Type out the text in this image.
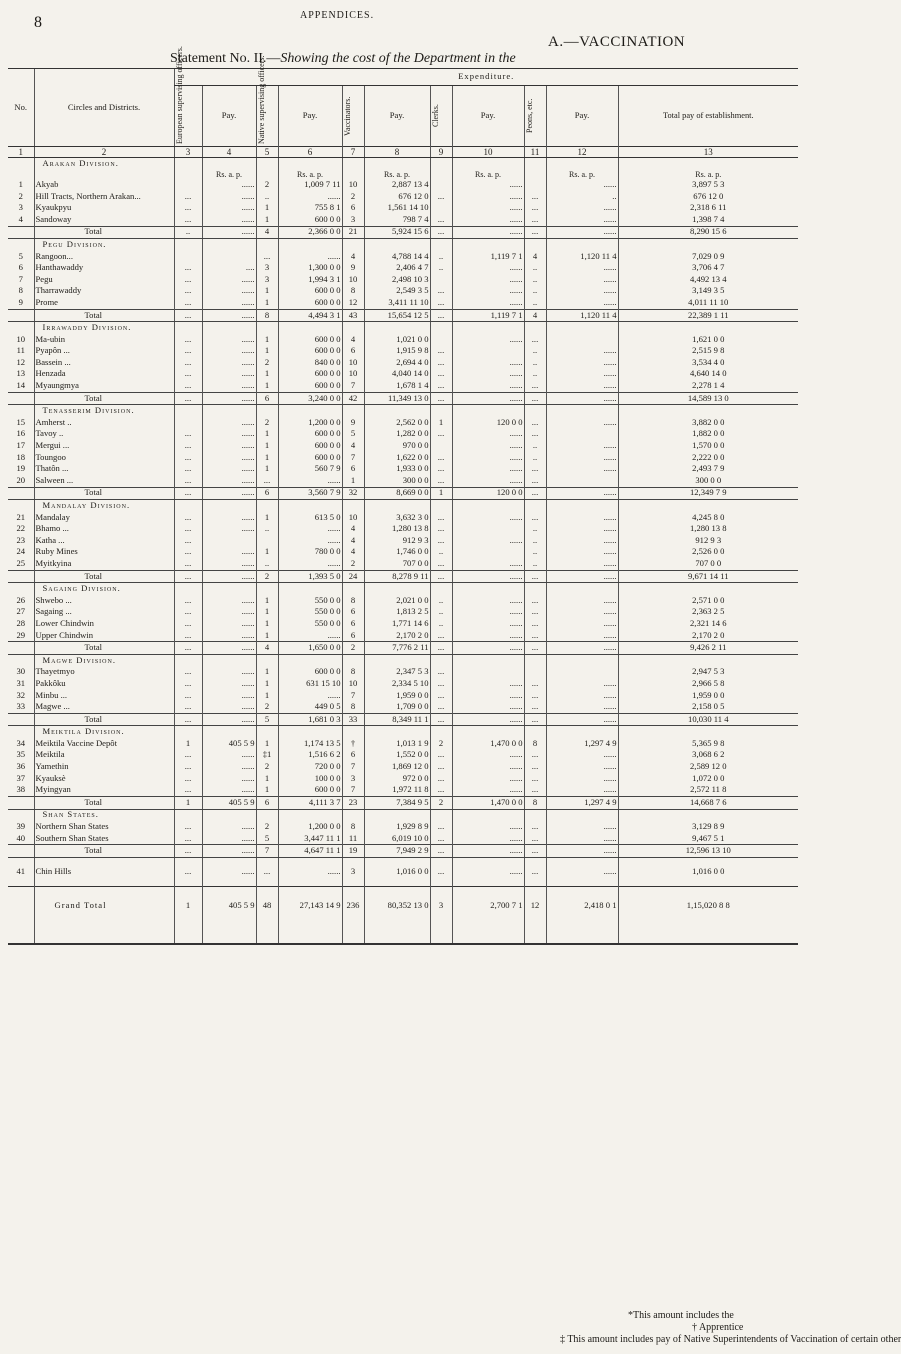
8	APPENDICES.
A.—VACCINATION
Statement No. II.—Showing the cost of the Department in the
No.	Circles and Districts.	Expenditure.										

		European supervising officers.	Pay.	Native supervising officers.	Pay.	Vaccinators.	Pay.	Clerks.	Pay.	Peons, etc.	Pay.	Total pay of establishment.
1	2	3	4	5	6	7	8	9	10	11	12	13
	Arakan Division.											
			Rs. a. p.		Rs. a. p.		Rs. a. p.		Rs. a. p.		Rs. a. p.	Rs. a. p.
1	Akyab		......	2	1,009 7 11	10	2,887 13 4		......		......	3,897 5 3
2	Hill Tracts, Northern Arakan...	...	......	..	......	2	676 12 0	...	......	...	..	676 12 0
3	Kyaukpyu	...	......	1	755 8 1	6	1,561 14 10		......	...	......	2,318 6 11
4	Sandoway	...	......	1	600 0 0	3	798 7 4	...	......	...	......	1,398 7 4
	Total	..	......	4	2,366 0 0	21	5,924 15 6	...	......	...	......	8,290 15 6
	Pegu Division.											
5	Rangoon...			...	......	4	4,788 14 4	..	1,119 7 1	4	1,120 11 4	7,029 0 9
6	Hanthawaddy	...	....	3	1,300 0 0	9	2,406 4 7	..	......	..	......	3,706 4 7
7	Pegu	...	......	3	1,994 3 1	10	2,498 10 3		......	..	......	4,492 13 4
8	Tharrawaddy	...	......	1	600 0 0	8	2,549 3 5	...	......	..	......	3,149 3 5
9	Prome	...	......	1	600 0 0	12	3,411 11 10	...	......	..	......	4,011 11 10
	Total	...	......	8	4,494 3 1	43	15,654 12 5	...	1,119 7 1	4	1,120 11 4	22,389 1 11
	Irrawaddy Division.											
10	Ma-ubin	...	......	1	600 0 0	4	1,021 0 0		......	...		1,621 0 0
11	Pyapôn ...	...	......	1	600 0 0	6	1,915 9 8	...		..	......	2,515 9 8
12	Bassein ...	...	......	2	840 0 0	10	2,694 4 0	...	......	..	......	3,534 4 0
13	Henzada	...	......	1	600 0 0	10	4,040 14 0	...	......	..	......	4,640 14 0
14	Myaungmya	...	......	1	600 0 0	7	1,678 1 4	...	......	...	......	2,278 1 4
	Total	...	......	6	3,240 0 0	42	11,349 13 0	...	......	...	......	14,589 13 0
	Tenasserim Division.											
15	Amherst ..		......	2	1,200 0 0	9	2,562 0 0	1	120 0 0	...	......	3,882 0 0
16	Tavoy ..	...	......	1	600 0 0	5	1,282 0 0	...	......	...		1,882 0 0
17	Mergui ...	...	......	1	600 0 0	4	970 0 0		......	..	......	1,570 0 0
18	Toungoo	...	......	1	600 0 0	7	1,622 0 0	...	......	..	......	2,222 0 0
19	Thatôn ...	...	......	1	560 7 9	6	1,933 0 0	...	......	...	......	2,493 7 9
20	Salween ...	...	......	...	......	1	300 0 0	...	......	...		300 0 0
	Total	...	......	6	3,560 7 9	32	8,669 0 0	1	120 0 0	...	......	12,349 7 9
	Mandalay Division.											
21	Mandalay	...	......	1	613 5 0	10	3,632 3 0	...	......	...	......	4,245 8 0
22	Bhamo ...	...	......	..	......	4	1,280 13 8	...		..	......	1,280 13 8
23	Katha ...	...			......	4	912 9 3	...	......	..	......	912 9 3
24	Ruby Mines	...	......	1	780 0 0	4	1,746 0 0	..		..	......	2,526 0 0
25	Myitkyina	...	......	..	......	2	707 0 0	...	......	..	......	707 0 0
	Total	...	......	2	1,393 5 0	24	8,278 9 11	...	......	...	......	9,671 14 11
	Sagaing Division.											
26	Shwebo ...	...	......	1	550 0 0	8	2,021 0 0	..	......	...	......	2,571 0 0
27	Sagaing ...	...	......	1	550 0 0	6	1,813 2 5	..	......	...	......	2,363 2 5
28	Lower Chindwin	...	......	1	550 0 0	6	1,771 14 6	..	......	...	......	2,321 14 6
29	Upper Chindwin	...	......	1	......	6	2,170 2 0	...	......	...	......	2,170 2 0
	Total	...	......	4	1,650 0 0	2	7,776 2 11	...	......	...	......	9,426 2 11
	Magwe Division.											
30	Thayetmyo	...	......	1	600 0 0	8	2,347 5 3	...				2,947 5 3
31	Pakkôku	...	......	1	631 15 10	10	2,334 5 10	...	......	...	......	2,966 5 8
32	Minbu ...	...	......	1	......	7	1,959 0 0	...	......	...	......	1,959 0 0
33	Magwe ...	...	......	2	449 0 5	8	1,709 0 0	...	......	...	......	2,158 0 5
	Total	...	......	5	1,681 0 3	33	8,349 11 1	...	......	...	......	10,030 11 4
	Meiktila Division.											
34	Meiktila Vaccine Depôt	1	405 5 9	1	1,174 13 5	†	1,013 1 9	2	1,470 0 0	8	1,297 4 9	5,365 9 8
35	Meiktila	...	......	‡1	1,516 6 2	6	1,552 0 0	...	......	...	......	3,068 6 2
36	Yamethin	...	......	2	720 0 0	7	1,869 12 0	...	......	...	......	2,589 12 0
37	Kyauksè	...	......	1	100 0 0	3	972 0 0	...	......	...	......	1,072 0 0
38	Myingyan	...	......	1	600 0 0	7	1,972 11 8	...	......	...	......	2,572 11 8
	Total	1	405 5 9	6	4,111 3 7	23	7,384 9 5	2	1,470 0 0	8	1,297 4 9	14,668 7 6
	Shan States.											
39	Northern Shan States	...	......	2	1,200 0 0	8	1,929 8 9	...	......	...	......	3,129 8 9
40	Southern Shan States	...	......	5	3,447 11 1	11	6,019 10 0	...	......	...	......	9,467 5 1
	Total	...	......	7	4,647 11 1	19	7,949 2 9	...	......	...	......	12,596 13 10

41	Chin Hills	...	......	...	......	3	1,016 0 0	...	......	...	......	1,016 0 0

	Grand Total	1	405 5 9	48	27,143 14 9	236	80,352 13 0	3	2,700 7 1	12	2,418 0 1	1,15,020 8 8
*This amount includes the
† Apprentice
‡ This amount includes pay of Native Superintendents of Vaccination of certain other
